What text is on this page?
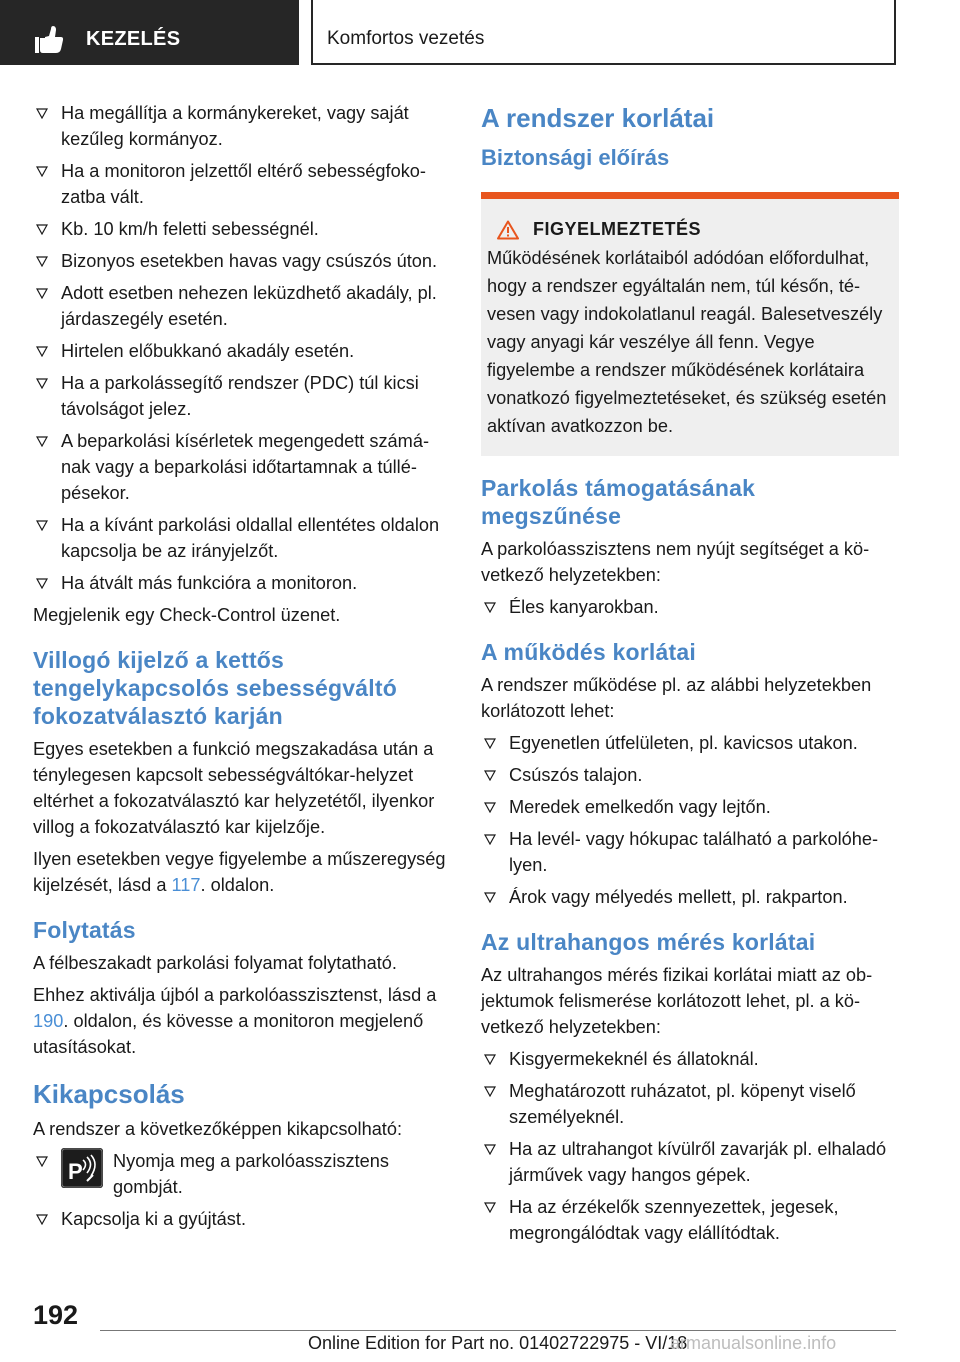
KEZELÉS	Komfortos vezetés
Ha megállítja a kormánykereket, vagy saját kezűleg kormányoz.
Ha a monitoron jelzettől eltérő sebességfokozatba vált.
Kb. 10 km/h feletti sebességnél.
Bizonyos esetekben havas vagy csúszós úton.
Adott esetben nehezen leküzdhető akadály, pl. járdaszegély esetén.
Hirtelen előbukkanó akadály esetén.
Ha a parkolássegítő rendszer (PDC) túl kicsi távolságot jelez.
A beparkolási kísérletek megengedett számának vagy a beparkolási időtartamnak a túllépésekor.
Ha a kívánt parkolási oldallal ellentétes oldalon kapcsolja be az irányjelzőt.
Ha átvált más funkcióra a monitoron.

Megjelenik egy Check-Control üzenet.

Villogó kijelző a kettős tengelykapcsolós sebességváltó fokozatválasztó karján

Egyes esetekben a funkció megszakadása után a ténylegesen kapcsolt sebességváltókar-helyzet eltérhet a fokozatválasztó kar helyzetétől, ilyenkor villog a fokozatválasztó kar kijelzője.

Ilyen esetekben vegye figyelembe a műszeregység kijelzését, lásd a 117. oldalon.

Folytatás

A félbeszakadt parkolási folyamat folytatható.

Ehhez aktiválja újból a parkolóasszisztenst, lásd a 190. oldalon, és kövesse a monitoron megjelenő utasításokat.

Kikapcsolás

A rendszer a következőképpen kikapcsolható:

P Nyomja meg a parkolóasszisztens gombját.
Kapcsolja ki a gyújtást.
A rendszer korlátai
Biztonsági előírás
FIGYELMEZTETÉS

Működésének korlátaiból adódóan előfordulhat, hogy a rendszer egyáltalán nem, túl későn, tévesen vagy indokolatlanul reagál. Balesetveszély vagy anyagi kár veszélye áll fenn. Vegye figyelembe a rendszer működésének korlátaira vonatkozó figyelmeztetéseket, és szükség esetén aktívan avatkozzon be.

Parkolás támogatásának megszűnése

A parkolóasszisztens nem nyújt segítséget a következő helyzetekben:

Éles kanyarokban.
A működés korlátai

A rendszer működése pl. az alábbi helyzetekben korlátozott lehet:

Egyenetlen útfelületen, pl. kavicsos utakon.
Csúszós talajon.
Meredek emelkedőn vagy lejtőn.
Ha levél- vagy hókupac található a parkolóhelyen.
Árok vagy mélyedés mellett, pl. rakparton.
Az ultrahangos mérés korlátai

Az ultrahangos mérés fizikai korlátai miatt az objektumok felismerése korlátozott lehet, pl. a következő helyzetekben:

Kisgyermekeknél és állatoknál.
Meghatározott ruházatot, pl. köpenyt viselő személyeknél.
Ha az ultrahangot kívülről zavarják pl. elhaladó járművek vagy hangos gépek.
Ha az érzékelők szennyezettek, jegesek, megrongálódtak vagy elállítódtak.
192
Online Edition for Part no. 01402722975 - VI/18
armanualsonline.info
